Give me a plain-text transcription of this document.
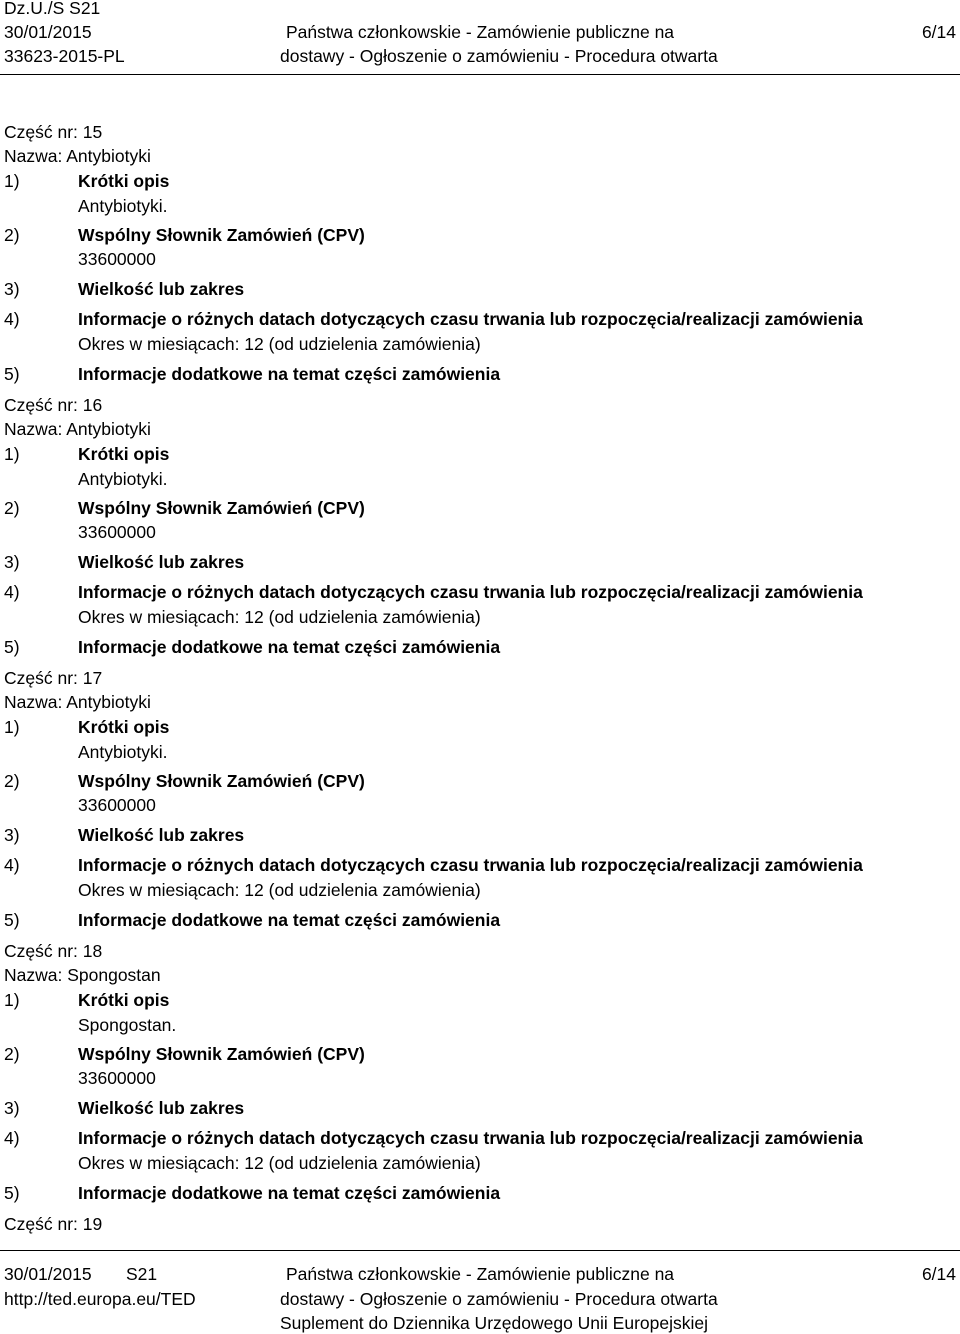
Dz.U./S S21
30/01/2015
33623-2015-PL
Państwa członkowskie - Zamówienie publiczne na
dostawy - Ogłoszenie o zamówieniu - Procedura otwarta
6/14
Część nr: 15
Nazwa: Antybiotyki
1)	Krótki opis
Antybiotyki.
2)	Wspólny Słownik Zamówień (CPV)
33600000
3)	Wielkość lub zakres
4)	Informacje o różnych datach dotyczących czasu trwania lub rozpoczęcia/realizacji zamówienia
Okres w miesiącach: 12 (od udzielenia zamówienia)
5)	Informacje dodatkowe na temat części zamówienia
Część nr: 16
Nazwa: Antybiotyki
1)	Krótki opis
Antybiotyki.
2)	Wspólny Słownik Zamówień (CPV)
33600000
3)	Wielkość lub zakres
4)	Informacje o różnych datach dotyczących czasu trwania lub rozpoczęcia/realizacji zamówienia
Okres w miesiącach: 12 (od udzielenia zamówienia)
5)	Informacje dodatkowe na temat części zamówienia
Część nr: 17
Nazwa: Antybiotyki
1)	Krótki opis
Antybiotyki.
2)	Wspólny Słownik Zamówień (CPV)
33600000
3)	Wielkość lub zakres
4)	Informacje o różnych datach dotyczących czasu trwania lub rozpoczęcia/realizacji zamówienia
Okres w miesiącach: 12 (od udzielenia zamówienia)
5)	Informacje dodatkowe na temat części zamówienia
Część nr: 18
Nazwa: Spongostan
1)	Krótki opis
Spongostan.
2)	Wspólny Słownik Zamówień (CPV)
33600000
3)	Wielkość lub zakres
4)	Informacje o różnych datach dotyczących czasu trwania lub rozpoczęcia/realizacji zamówienia
Okres w miesiącach: 12 (od udzielenia zamówienia)
5)	Informacje dodatkowe na temat części zamówienia
Część nr: 19
30/01/2015 S21
http://ted.europa.eu/TED
Państwa członkowskie - Zamówienie publiczne na
dostawy - Ogłoszenie o zamówieniu - Procedura otwarta
Suplement do Dziennika Urzędowego Unii Europejskiej
6/14
